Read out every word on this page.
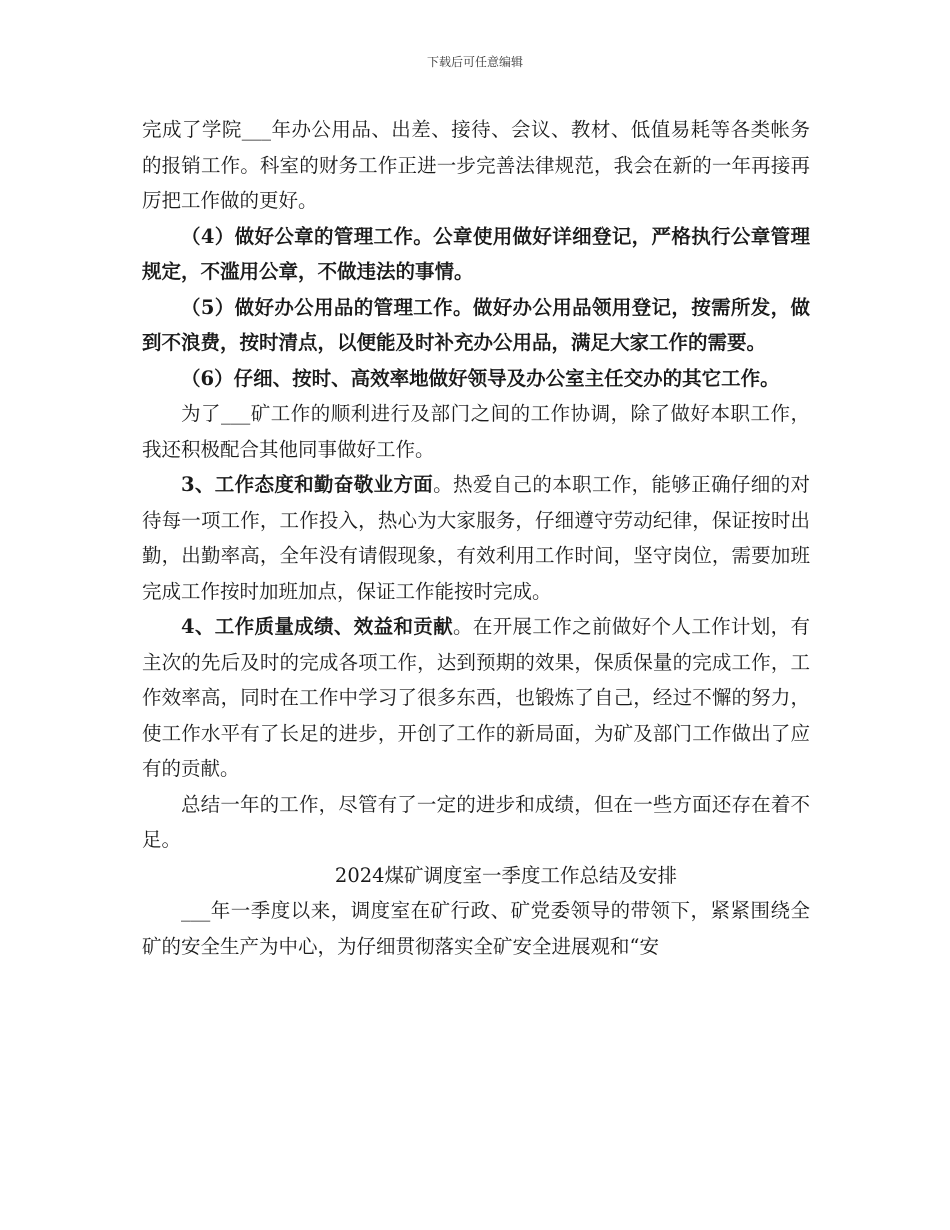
下载后可任意编辑

完成了学院___年办公用品、出差、接待、会议、教材、低值易耗等各类帐务的报销工作。科室的财务工作正进一步完善法律规范，我会在新的一年再接再厉把工作做的更好。

（4）做好公章的管理工作。公章使用做好详细登记，严格执行公章管理规定，不滥用公章，不做违法的事情。

（5）做好办公用品的管理工作。做好办公用品领用登记，按需所发，做到不浪费，按时清点，以便能及时补充办公用品，满足大家工作的需要。

（6）仔细、按时、高效率地做好领导及办公室主任交办的其它工作。

为了___矿工作的顺利进行及部门之间的工作协调，除了做好本职工作，我还积极配合其他同事做好工作。

3、工作态度和勤奋敬业方面。热爱自己的本职工作，能够正确仔细的对待每一项工作，工作投入，热心为大家服务，仔细遵守劳动纪律，保证按时出勤，出勤率高，全年没有请假现象，有效利用工作时间，坚守岗位，需要加班完成工作按时加班加点，保证工作能按时完成。

4、工作质量成绩、效益和贡献。在开展工作之前做好个人工作计划，有主次的先后及时的完成各项工作，达到预期的效果，保质保量的完成工作，工作效率高，同时在工作中学习了很多东西，也锻炼了自己，经过不懈的努力，使工作水平有了长足的进步，开创了工作的新局面，为矿及部门工作做出了应有的贡献。

总结一年的工作，尽管有了一定的进步和成绩，但在一些方面还存在着不足。

2024煤矿调度室一季度工作总结及安排

___年一季度以来，调度室在矿行政、矿党委领导的带领下，紧紧围绕全矿的安全生产为中心，为仔细贯彻落实全矿安全进展观和“安
